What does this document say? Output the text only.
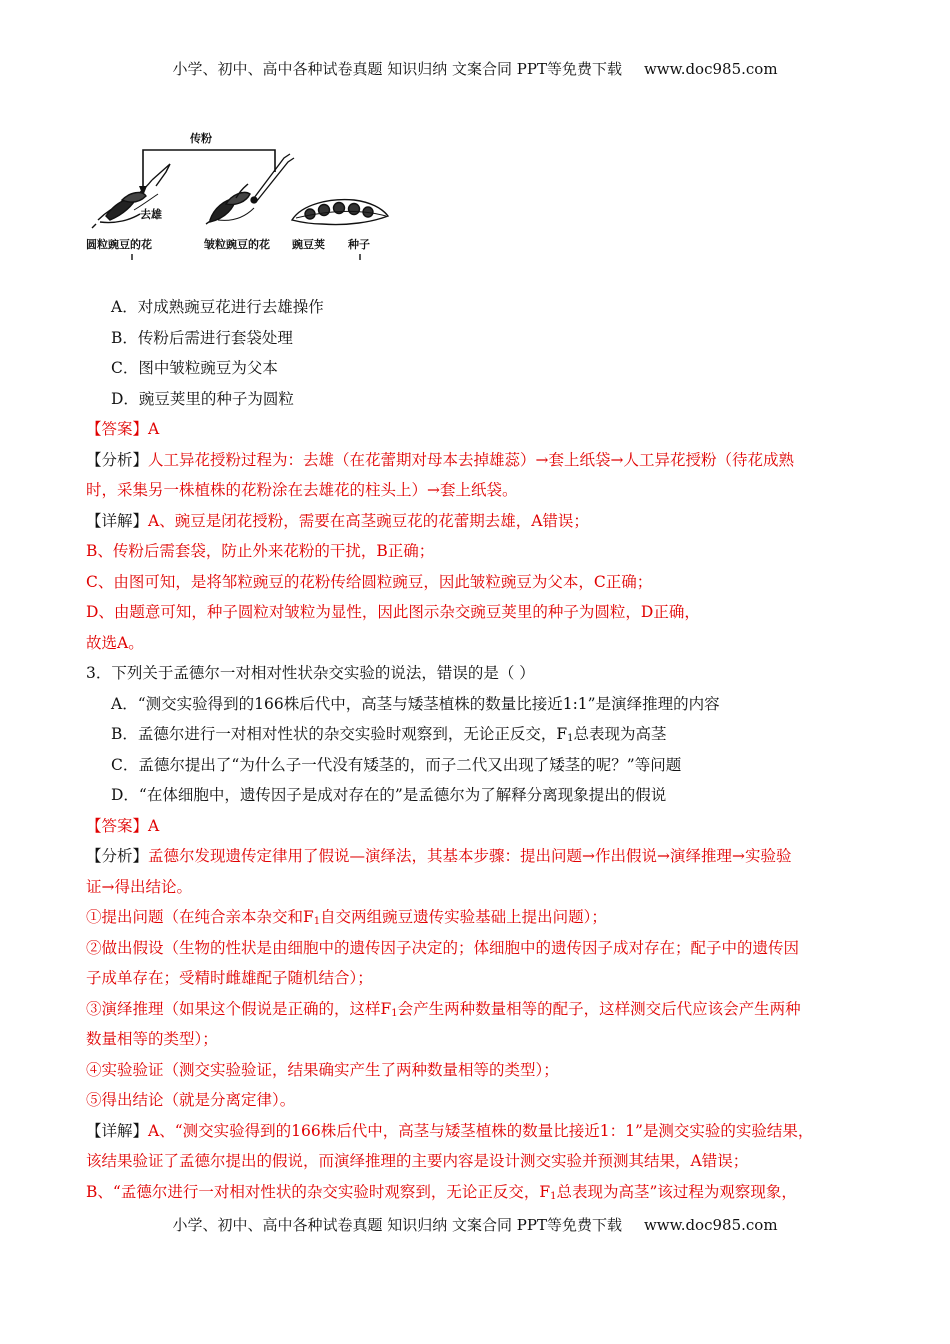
小学、初中、高中各种试卷真题 知识归纳 文案合同 PPT等免费下载 www.doc985.com
传粉
去雄
圆粒豌豆的花	皱粒豌豆的花 豌豆荚 种子
A．对成熟豌豆花进行去雄操作
B．传粉后需进行套袋处理
C．图中皱粒豌豆为父本
D．豌豆荚里的种子为圆粒
【答案】A
【分析】人工异花授粉过程为：去雄（在花蕾期对母本去掉雄蕊）→套上纸袋→人工异花授粉（待花成熟
时，采集另一株植株的花粉涂在去雄花的柱头上）→套上纸袋。
【详解】A、豌豆是闭花授粉，需要在高茎豌豆花的花蕾期去雄，A错误；
B、传粉后需套袋，防止外来花粉的干扰，B正确；
C、由图可知，是将邹粒豌豆的花粉传给圆粒豌豆，因此皱粒豌豆为父本，C正确；
D、由题意可知，种子圆粒对皱粒为显性，因此图示杂交豌豆荚里的种子为圆粒，D正确，
故选A。
3．下列关于孟德尔一对相对性状杂交实验的说法，错误的是（ ）
A．“测交实验得到的166株后代中，高茎与矮茎植株的数量比接近1:1”是演绎推理的内容
B．孟德尔进行一对相对性状的杂交实验时观察到，无论正反交，$F_1$总表现为高茎
C．孟德尔提出了“为什么子一代没有矮茎的，而子二代又出现了矮茎的呢？”等问题
D．“在体细胞中，遗传因子是成对存在的”是孟德尔为了解释分离现象提出的假说
【答案】A
【分析】孟德尔发现遗传定律用了假说—演绎法，其基本步骤：提出问题→作出假说→演绎推理→实验验
证→得出结论。
①提出问题（在纯合亲本杂交和$F_1$自交两组豌豆遗传实验基础上提出问题）；
②做出假设（生物的性状是由细胞中的遗传因子决定的；体细胞中的遗传因子成对存在；配子中的遗传因
子成单存在；受精时雌雄配子随机结合）；
③演绎推理（如果这个假说是正确的，这样$F_1$会产生两种数量相等的配子，这样测交后代应该会产生两种
数量相等的类型）；
④实验验证（测交实验验证，结果确实产生了两种数量相等的类型）；
⑤得出结论（就是分离定律）。
【详解】A、“测交实验得到的166株后代中，高茎与矮茎植株的数量比接近1：1”是测交实验的实验结果，
该结果验证了孟德尔提出的假说，而演绎推理的主要内容是设计测交实验并预测其结果，A错误；
B、“孟德尔进行一对相对性状的杂交实验时观察到，无论正反交，$F_1$总表现为高茎”该过程为观察现象，
小学、初中、高中各种试卷真题 知识归纳 文案合同 PPT等免费下载 www.doc985.com
